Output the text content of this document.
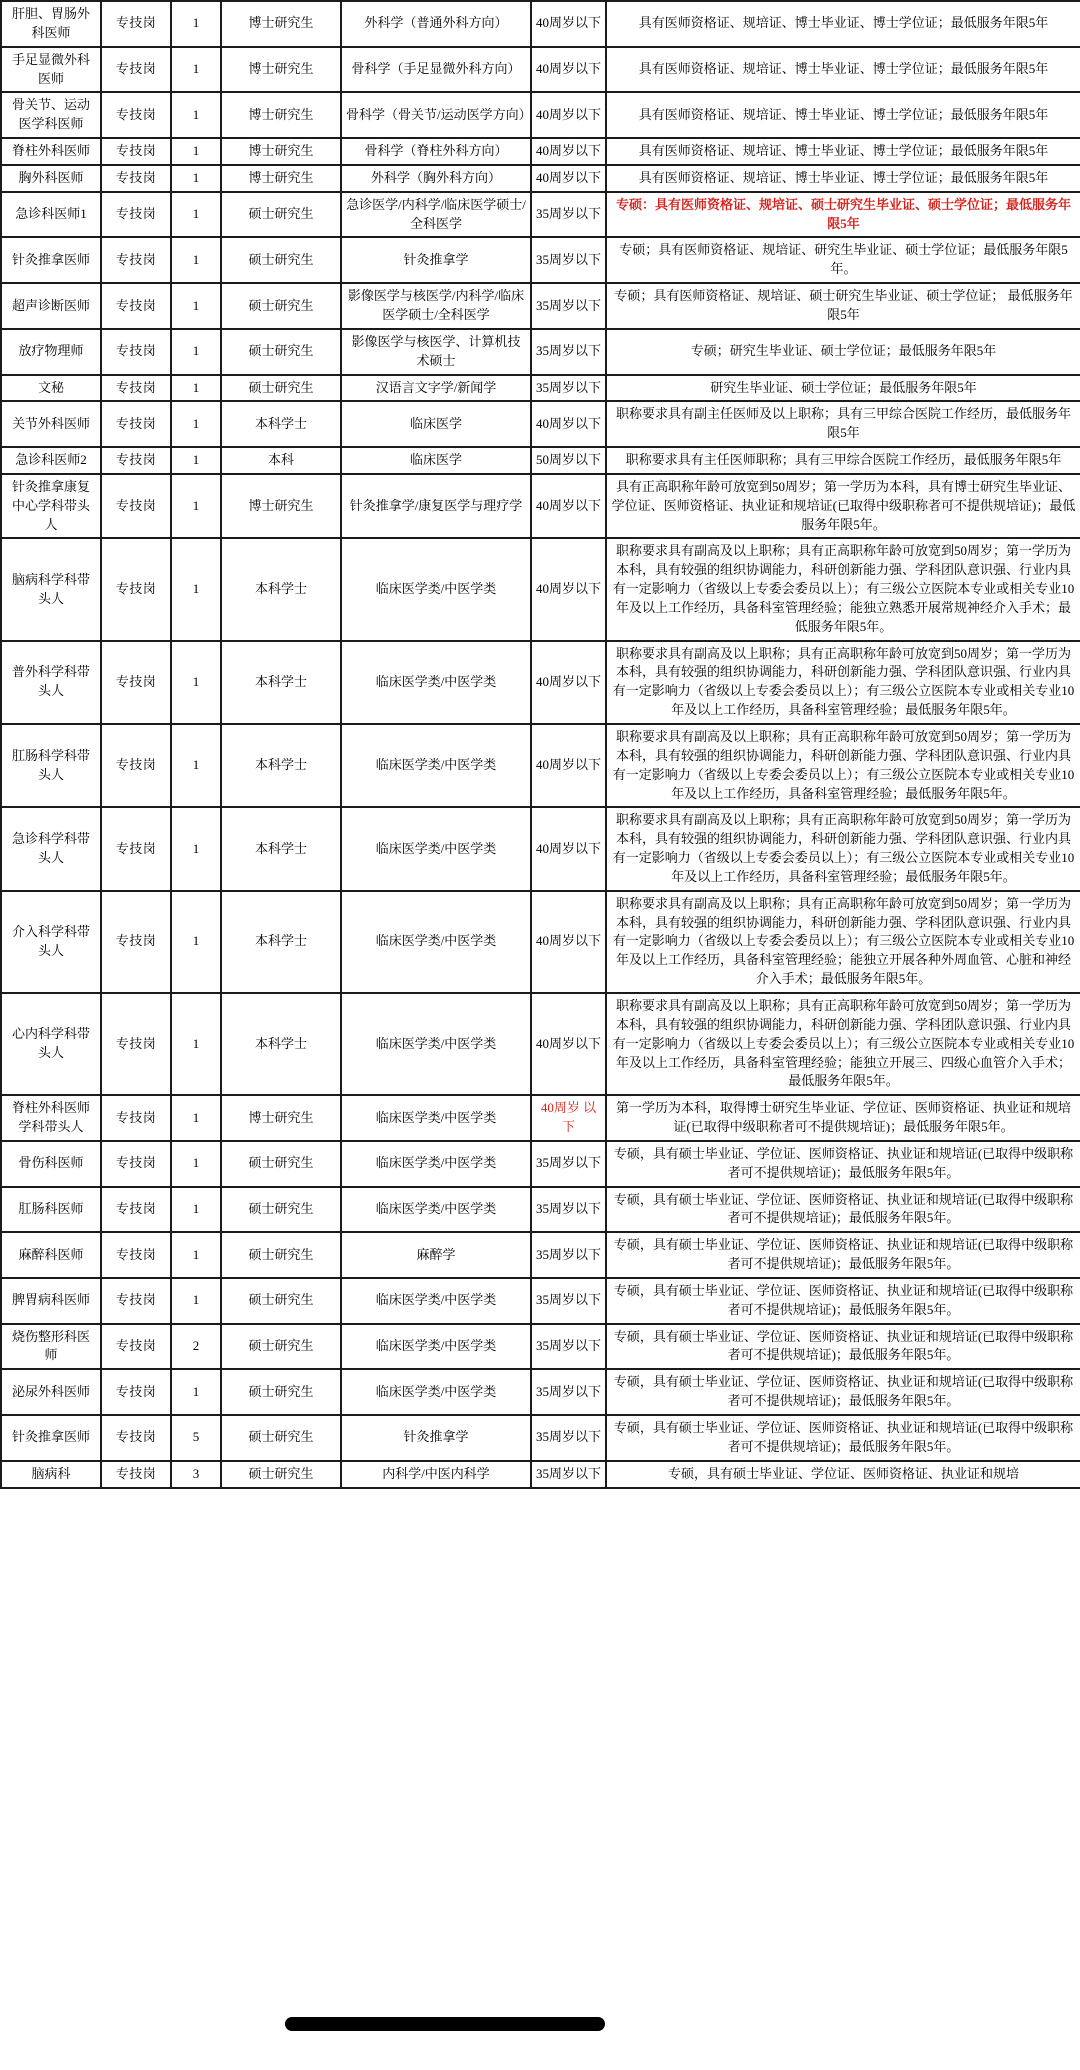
肝胆、胃肠外科医师	专技岗	1	博士研究生	外科学（普通外科方向）	40周岁以下	具有医师资格证、规培证、博士毕业证、博士学位证；最低服务年限5年
手足显微外科医师	专技岗	1	博士研究生	骨科学（手足显微外科方向）	40周岁以下	具有医师资格证、规培证、博士毕业证、博士学位证；最低服务年限5年
骨关节、运动医学科医师	专技岗	1	博士研究生	骨科学（骨关节/运动医学方向）	40周岁以下	具有医师资格证、规培证、博士毕业证、博士学位证；最低服务年限5年
脊柱外科医师	专技岗	1	博士研究生	骨科学（脊柱外科方向）	40周岁以下	具有医师资格证、规培证、博士毕业证、博士学位证；最低服务年限5年
胸外科医师	专技岗	1	博士研究生	外科学（胸外科方向）	40周岁以下	具有医师资格证、规培证、博士毕业证、博士学位证；最低服务年限5年
急诊科医师1	专技岗	1	硕士研究生	急诊医学/内科学/临床医学硕士/全科医学	35周岁以下	专硕：具有医师资格证、规培证、硕士研究生毕业证、硕士学位证；最低服务年限5年
针灸推拿医师	专技岗	1	硕士研究生	针灸推拿学	35周岁以下	专硕；具有医师资格证、规培证、研究生毕业证、硕士学位证；最低服务年限5年。
超声诊断医师	专技岗	1	硕士研究生	影像医学与核医学/内科学/临床医学硕士/全科医学	35周岁以下	专硕；具有医师资格证、规培证、硕士研究生毕业证、硕士学位证； 最低服务年限5年
放疗物理师	专技岗	1	硕士研究生	影像医学与核医学、计算机技术硕士	35周岁以下	专硕；研究生毕业证、硕士学位证；最低服务年限5年
文秘	专技岗	1	硕士研究生	汉语言文字学/新闻学	35周岁以下	研究生毕业证、硕士学位证；最低服务年限5年
关节外科医师	专技岗	1	本科学士	临床医学	40周岁以下	职称要求具有副主任医师及以上职称；具有三甲综合医院工作经历，最低服务年限5年
急诊科医师2	专技岗	1	本科	临床医学	50周岁以下	职称要求具有主任医师职称；具有三甲综合医院工作经历，最低服务年限5年
针灸推拿康复中心学科带头人	专技岗	1	博士研究生	针灸推拿学/康复医学与理疗学	40周岁以下	具有正高职称年龄可放宽到50周岁；第一学历为本科，具有博士研究生毕业证、学位证、医师资格证、执业证和规培证(已取得中级职称者可不提供规培证)；最低服务年限5年。
脑病科学科带头人	专技岗	1	本科学士	临床医学类/中医学类	40周岁以下	职称要求具有副高及以上职称；具有正高职称年龄可放宽到50周岁；第一学历为本科，具有较强的组织协调能力，科研创新能力强、学科团队意识强、行业内具有一定影响力（省级以上专委会委员以上）；有三级公立医院本专业或相关专业10年及以上工作经历，具备科室管理经验；能独立熟悉开展常规神经介入手术；最低服务年限5年。
普外科学科带头人	专技岗	1	本科学士	临床医学类/中医学类	40周岁以下	职称要求具有副高及以上职称；具有正高职称年龄可放宽到50周岁；第一学历为本科，具有较强的组织协调能力，科研创新能力强、学科团队意识强、行业内具有一定影响力（省级以上专委会委员以上）；有三级公立医院本专业或相关专业10年及以上工作经历，具备科室管理经验；最低服务年限5年。
肛肠科学科带头人	专技岗	1	本科学士	临床医学类/中医学类	40周岁以下	职称要求具有副高及以上职称；具有正高职称年龄可放宽到50周岁；第一学历为本科，具有较强的组织协调能力，科研创新能力强、学科团队意识强、行业内具有一定影响力（省级以上专委会委员以上）；有三级公立医院本专业或相关专业10年及以上工作经历，具备科室管理经验；最低服务年限5年。
急诊科学科带头人	专技岗	1	本科学士	临床医学类/中医学类	40周岁以下	职称要求具有副高及以上职称；具有正高职称年龄可放宽到50周岁；第一学历为本科，具有较强的组织协调能力，科研创新能力强、学科团队意识强、行业内具有一定影响力（省级以上专委会委员以上）；有三级公立医院本专业或相关专业10年及以上工作经历，具备科室管理经验；最低服务年限5年。
介入科学科带头人	专技岗	1	本科学士	临床医学类/中医学类	40周岁以下	职称要求具有副高及以上职称；具有正高职称年龄可放宽到50周岁；第一学历为本科，具有较强的组织协调能力，科研创新能力强、学科团队意识强、行业内具有一定影响力（省级以上专委会委员以上）；有三级公立医院本专业或相关专业10年及以上工作经历，具备科室管理经验；能独立开展各种外周血管、心脏和神经介入手术；最低服务年限5年。
心内科学科带头人	专技岗	1	本科学士	临床医学类/中医学类	40周岁以下	职称要求具有副高及以上职称；具有正高职称年龄可放宽到50周岁；第一学历为本科，具有较强的组织协调能力，科研创新能力强、学科团队意识强、行业内具有一定影响力（省级以上专委会委员以上）；有三级公立医院本专业或相关专业10年及以上工作经历，具备科室管理经验；能独立开展三、四级心血管介入手术；最低服务年限5年。
脊柱外科医师学科带头人	专技岗	1	博士研究生	临床医学类/中医学类	40周岁 以下	第一学历为本科，取得博士研究生毕业证、学位证、医师资格证、执业证和规培证(已取得中级职称者可不提供规培证)；最低服务年限5年。
骨伤科医师	专技岗	1	硕士研究生	临床医学类/中医学类	35周岁以下	专硕，具有硕士毕业证、学位证、医师资格证、执业证和规培证(已取得中级职称者可不提供规培证)；最低服务年限5年。
肛肠科医师	专技岗	1	硕士研究生	临床医学类/中医学类	35周岁以下	专硕，具有硕士毕业证、学位证、医师资格证、执业证和规培证(已取得中级职称者可不提供规培证)；最低服务年限5年。
麻醉科医师	专技岗	1	硕士研究生	麻醉学	35周岁以下	专硕，具有硕士毕业证、学位证、医师资格证、执业证和规培证(已取得中级职称者可不提供规培证)；最低服务年限5年。
脾胃病科医师	专技岗	1	硕士研究生	临床医学类/中医学类	35周岁以下	专硕，具有硕士毕业证、学位证、医师资格证、执业证和规培证(已取得中级职称者可不提供规培证)；最低服务年限5年。
烧伤整形科医师	专技岗	2	硕士研究生	临床医学类/中医学类	35周岁以下	专硕，具有硕士毕业证、学位证、医师资格证、执业证和规培证(已取得中级职称者可不提供规培证)；最低服务年限5年。
泌尿外科医师	专技岗	1	硕士研究生	临床医学类/中医学类	35周岁以下	专硕，具有硕士毕业证、学位证、医师资格证、执业证和规培证(已取得中级职称者可不提供规培证)；最低服务年限5年。
针灸推拿医师	专技岗	5	硕士研究生	针灸推拿学	35周岁以下	专硕，具有硕士毕业证、学位证、医师资格证、执业证和规培证(已取得中级职称者可不提供规培证)；最低服务年限5年。
脑病科	专技岗	3	硕士研究生	内科学/中医内科学	35周岁以下	专硕，具有硕士毕业证、学位证、医师资格证、执业证和规培
